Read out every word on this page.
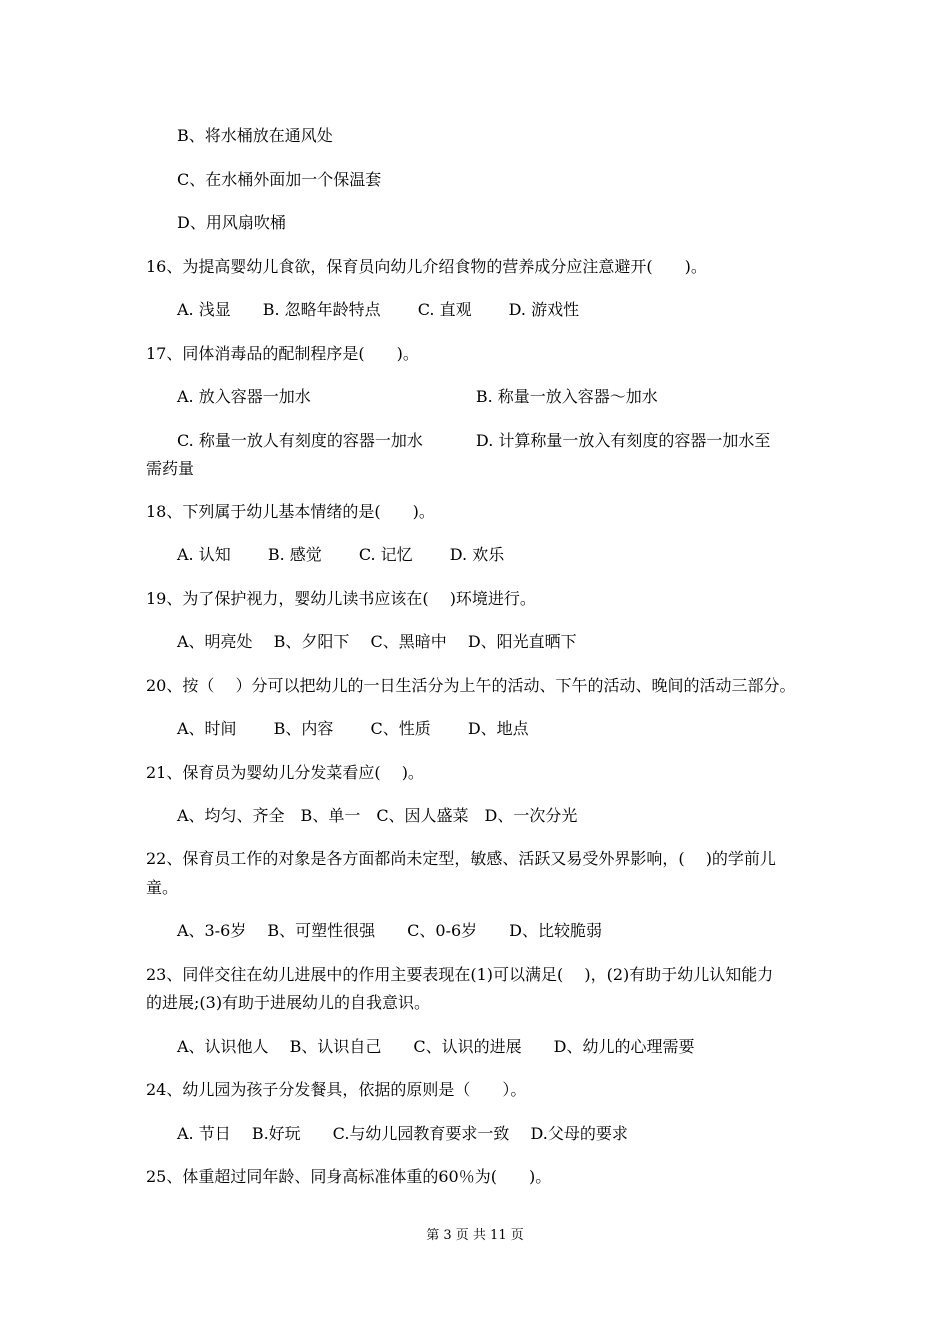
B、将水桶放在通风处
C、在水桶外面加一个保温套
D、用风扇吹桶
16、为提高婴幼儿食欲，保育员向幼儿介绍食物的营养成分应注意避开(　　)。
A. 浅显　　B. 忽略年龄特点　　 C. 直观　　 D. 游戏性
17、同体消毒品的配制程序是(　　)。
A. 放入容器一加水　　　　　　　　　　 B. 称量一放入容器～加水
C. 称量一放人有刻度的容器一加水　　　 D. 计算称量一放入有刻度的容器一加水至
需药量
18、下列属于幼儿基本情绪的是(　　)。
A. 认知　　 B. 感觉　　 C. 记忆　　 D. 欢乐
19、为了保护视力，婴幼儿读书应该在(　 )环境进行。
A、明亮处　 B、夕阳下　 C、黑暗中　 D、阳光直晒下
20、按（　 ）分可以把幼儿的一日生活分为上午的活动、下午的活动、晚间的活动三部分。
A、时间　　 B、内容　　 C、性质　　 D、地点
21、保育员为婴幼儿分发菜看应(　 )。
A、均匀、齐全　B、单一　C、因人盛菜　D、一次分光
22、保育员工作的对象是各方面都尚未定型，敏感、活跃又易受外界影响，(　 )的学前儿
童。
A、3-6岁　 B、可塑性很强　　C、0-6岁　　D、比较脆弱
23、同伴交往在幼儿进展中的作用主要表现在(1)可以满足(　 )，(2)有助于幼儿认知能力
的进展;(3)有助于进展幼儿的自我意识。
A、认识他人　 B、认识自己　　C、认识的进展　　D、幼儿的心理需要
24、幼儿园为孩子分发餐具，依据的原则是（　　）。
A. 节日　 B.好玩　　C.与幼儿园教育要求一致　 D.父母的要求
25、体重超过同年龄、同身高标准体重的60％为(　　)。
第 3 页 共 11 页
